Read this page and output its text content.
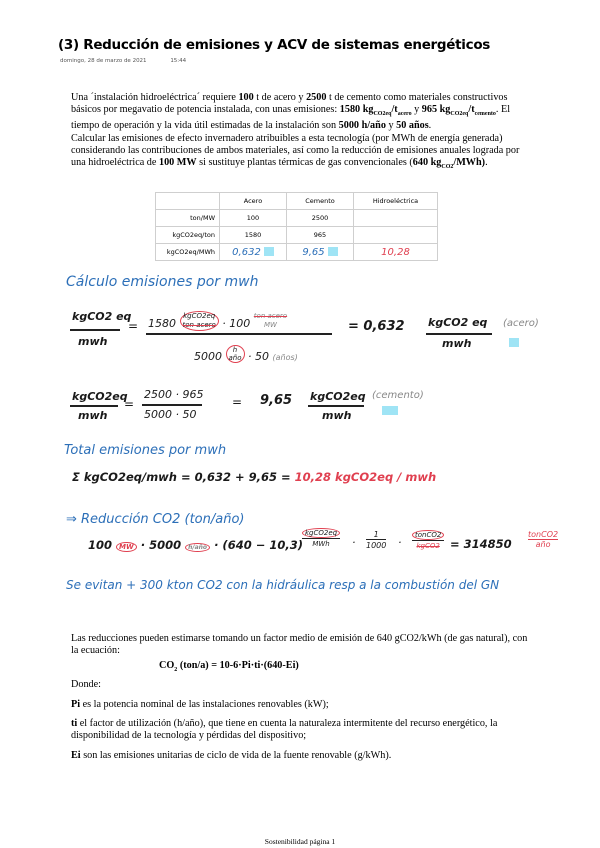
(3) Reducción de emisiones y ACV de sistemas energéticos
domingo, 28 de marzo de 2021	15:44
Una ´instalación hidroeléctrica´ requiere 100 t de acero y 2500 t de cemento como materiales constructivos
básicos por megavatio de potencia instalada, con unas emisiones: 1580 $kg_{CO2eq}/t_{acero}$ y 965 $kg_{CO2eq}/t_{cemento}$. El
tiempo de operación y la vida útil estimadas de la instalación son 5000 h/año y 50 años.
Calcular las emisiones de efecto invernadero atribuibles a esta tecnología (por MWh de energía generada)
considerando las contribuciones de ambos materiales, así como la reducción de emisiones anuales lograda por
una hidroeléctrica de 100 MW si sustituye plantas térmicas de gas convencionales (640 $kg_{CO2}/MWh$).
	Acero	Cemento	Hidroeléctrica
ton/MW	100	2500	
kgCO2eq/ton	1580	965	
kgCO2eq/MWh	0,632	9,65	10,28
Cálculo emisiones por mwh
kgCO2 eq
mwh
= 1580 kgCO2eq
ton acero · 100 ton acero
MW
5000 h
año · 50 (años)
= 0,632 kgCO2 eq
mwh
(acero)
kgCO2eq
mwh
=
2500 · 965
5000 · 50
= 9,65 kgCO2eq
mwh
(cemento)
Total emisiones por mwh
Σ kgCO2eq/mwh = 0,632 + 9,65 = 10,28 kgCO2eq / mwh
⇒ Reducción CO2 (ton/año)
100 MW · 5000 h/año · (640 − 10,3)
kgCO2eq
MWh	·
1
1000 ·
tonCO2
kgCO2 = 314850
tonCO2
año
Se evitan + 300 kton CO2 con la hidráulica resp a la combustión del GN
Las reducciones pueden estimarse tomando un factor medio de emisión de 640 gCO2/kWh (de gas natural), con
la ecuación:
$CO_2$ (ton/a) = 10-6·Pi·ti·(640-Ei)
Donde:
Pi es la potencia nominal de las instalaciones renovables (kW);
ti el factor de utilización (h/año), que tiene en cuenta la naturaleza intermitente del recurso energético, la
disponibilidad de la tecnología y pérdidas del dispositivo;
Ei son las emisiones unitarias de ciclo de vida de la fuente renovable (g/kWh).
Sostenibilidad página 1
